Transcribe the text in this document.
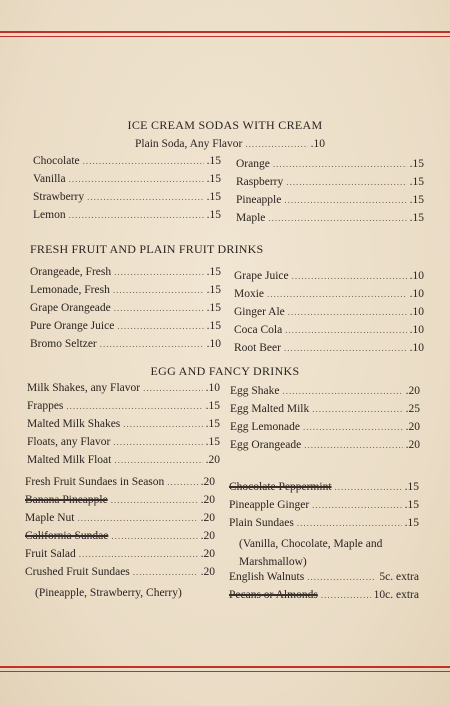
ICE CREAM SODAS WITH CREAM
Plain Soda, Any Flavor .....	.10
Chocolate .....	.15
Vanilla .....	.15
Strawberry .....	.15
Lemon .....	.15
Orange .....	.15
Raspberry .....	.15
Pineapple .....	.15
Maple .....	.15
FRESH FRUIT AND PLAIN FRUIT DRINKS
Orangeade, Fresh .....	.15
Lemonade, Fresh .....	.15
Grape Orangeade .....	.15
Pure Orange Juice .....	.15
Bromo Seltzer .....	.10
Grape Juice .....	.10
Moxie .....	.10
Ginger Ale .....	.10
Coca Cola .....	.10
Root Beer .....	.10
EGG AND FANCY DRINKS
Milk Shakes, any Flavor .....	.10
Frappes .....	.15
Malted Milk Shakes .....	.15
Floats, any Flavor .....	.15
Malted Milk Float .....	.20
Egg Shake .....	.20
Egg Malted Milk .....	.25
Egg Lemonade .....	.20
Egg Orangeade .....	.20
Fresh Fruit Sundaes in Season .....	.20
Banana Pineapple .....	.20
Maple Nut .....	.20
California Sundae .....	.20
Fruit Salad .....	.20
Crushed Fruit Sundaes .....	.20
(Pineapple, Strawberry, Cherry)
Chocolate Peppermint .....	.15
Pineapple Ginger .....	.15
Plain Sundaes .....	.15
(Vanilla, Chocolate, Maple and
Marshmallow)
English Walnuts .....	5c. extra
Pecans or Almonds .....	10c. extra
